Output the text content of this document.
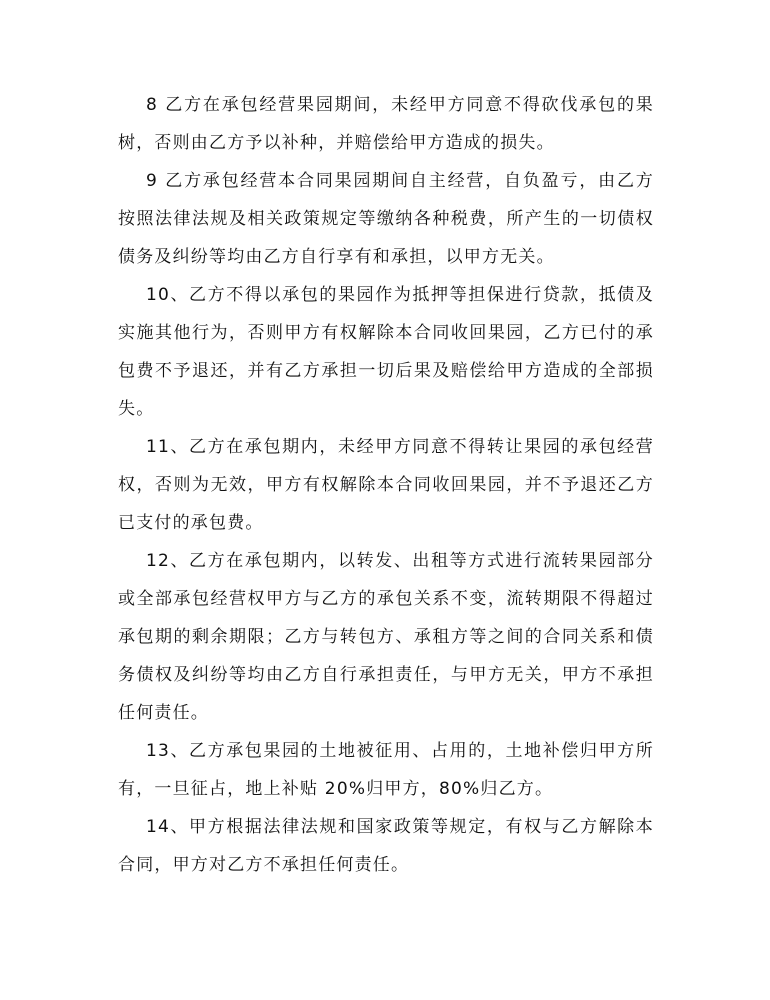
8 乙方在承包经营果园期间，未经甲方同意不得砍伐承包的果树，否则由乙方予以补种，并赔偿给甲方造成的损失。

9 乙方承包经营本合同果园期间自主经营，自负盈亏，由乙方按照法律法规及相关政策规定等缴纳各种税费，所产生的一切债权债务及纠纷等均由乙方自行享有和承担，以甲方无关。

10、乙方不得以承包的果园作为抵押等担保进行贷款，抵债及实施其他行为，否则甲方有权解除本合同收回果园，乙方已付的承包费不予退还，并有乙方承担一切后果及赔偿给甲方造成的全部损失。

11、乙方在承包期内，未经甲方同意不得转让果园的承包经营权，否则为无效，甲方有权解除本合同收回果园，并不予退还乙方已支付的承包费。

12、乙方在承包期内，以转发、出租等方式进行流转果园部分或全部承包经营权甲方与乙方的承包关系不变，流转期限不得超过承包期的剩余期限；乙方与转包方、承租方等之间的合同关系和债务债权及纠纷等均由乙方自行承担责任，与甲方无关，甲方不承担任何责任。

13、乙方承包果园的土地被征用、占用的，土地补偿归甲方所有，一旦征占，地上补贴 20%归甲方，80%归乙方。

14、甲方根据法律法规和国家政策等规定，有权与乙方解除本合同，甲方对乙方不承担任何责任。
